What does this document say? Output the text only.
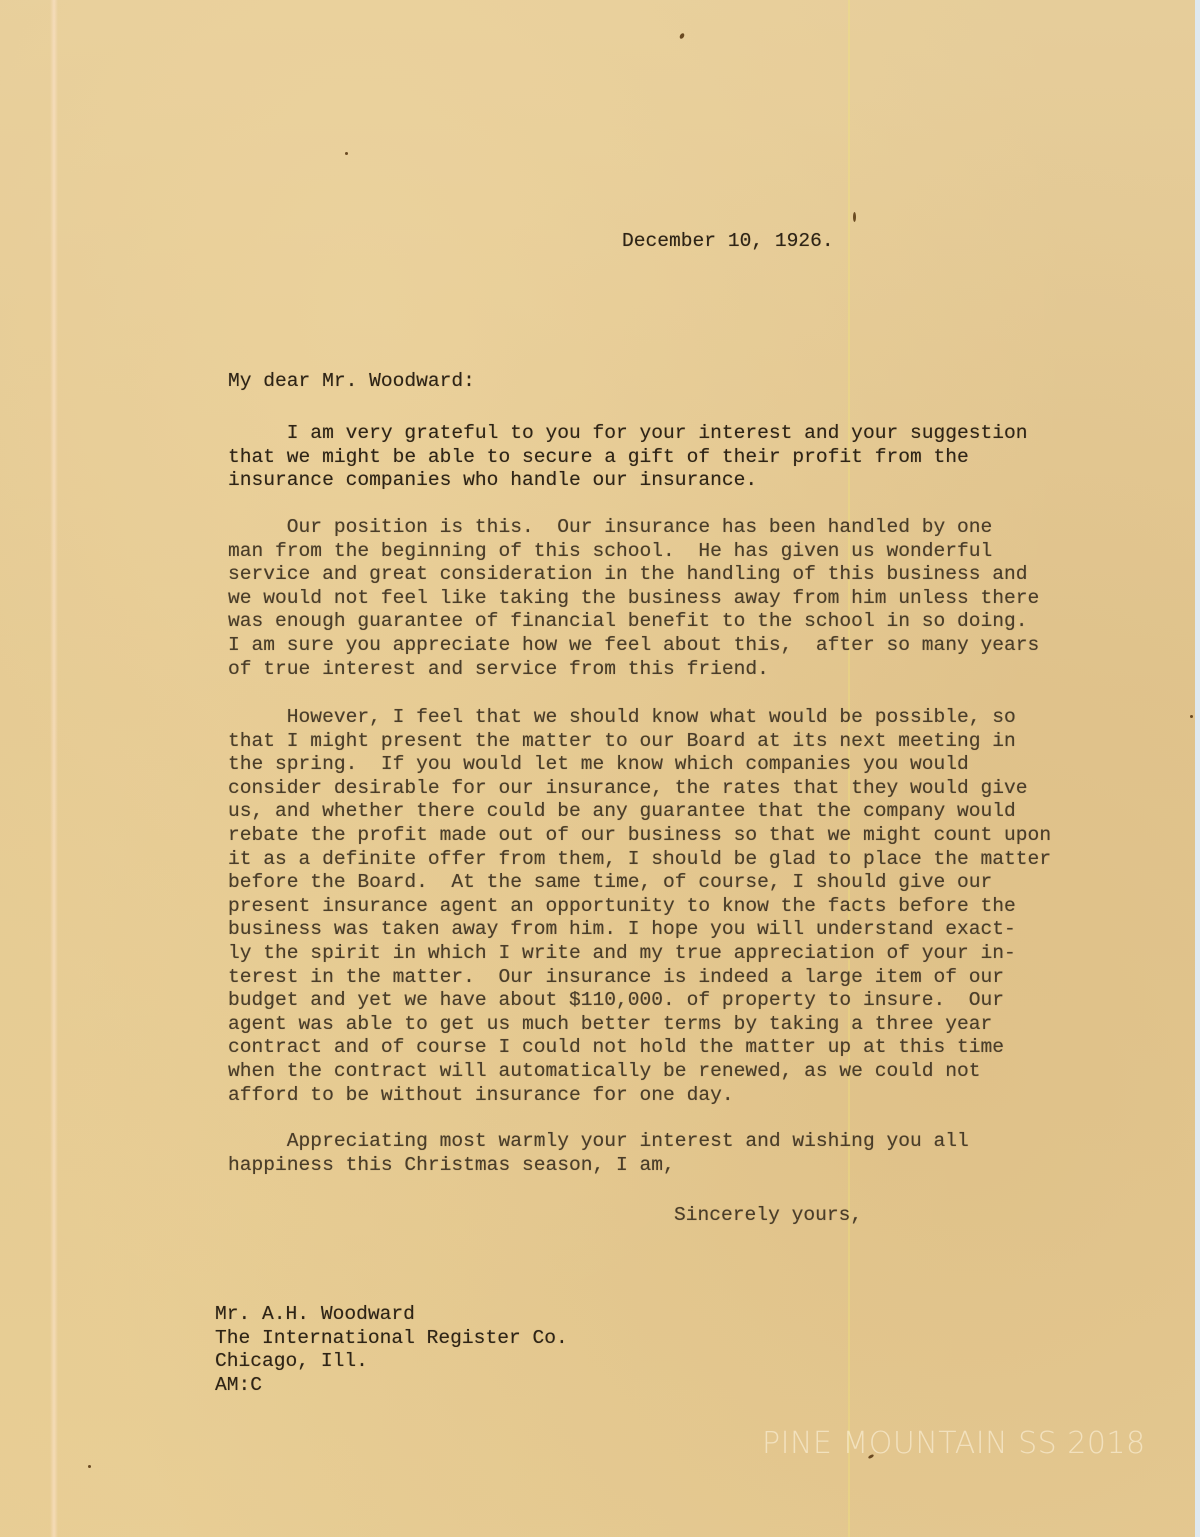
December 10, 1926.
My dear Mr. Woodward:
I am very grateful to you for your interest and your suggestion
that we might be able to secure a gift of their profit from the
insurance companies who handle our insurance.
Our position is this.  Our insurance has been handled by one
man from the beginning of this school.  He has given us wonderful
service and great consideration in the handling of this business and
we would not feel like taking the business away from him unless there
was enough guarantee of financial benefit to the school in so doing.
I am sure you appreciate how we feel about this,  after so many years
of true interest and service from this friend.
However, I feel that we should know what would be possible, so
that I might present the matter to our Board at its next meeting in
the spring.  If you would let me know which companies you would
consider desirable for our insurance, the rates that they would give
us, and whether there could be any guarantee that the company would
rebate the profit made out of our business so that we might count upon
it as a definite offer from them, I should be glad to place the matter
before the Board.  At the same time, of course, I should give our
present insurance agent an opportunity to know the facts before the
business was taken away from him. I hope you will understand exact-
ly the spirit in which I write and my true appreciation of your in-
terest in the matter.  Our insurance is indeed a large item of our
budget and yet we have about $110,000. of property to insure.  Our
agent was able to get us much better terms by taking a three year
contract and of course I could not hold the matter up at this time
when the contract will automatically be renewed, as we could not
afford to be without insurance for one day.
Appreciating most warmly your interest and wishing you all
happiness this Christmas season, I am,
Sincerely yours,
Mr. A.H. Woodward
The International Register Co.
Chicago, Ill.
AM:C
PINE MOUNTAIN SS 2018
